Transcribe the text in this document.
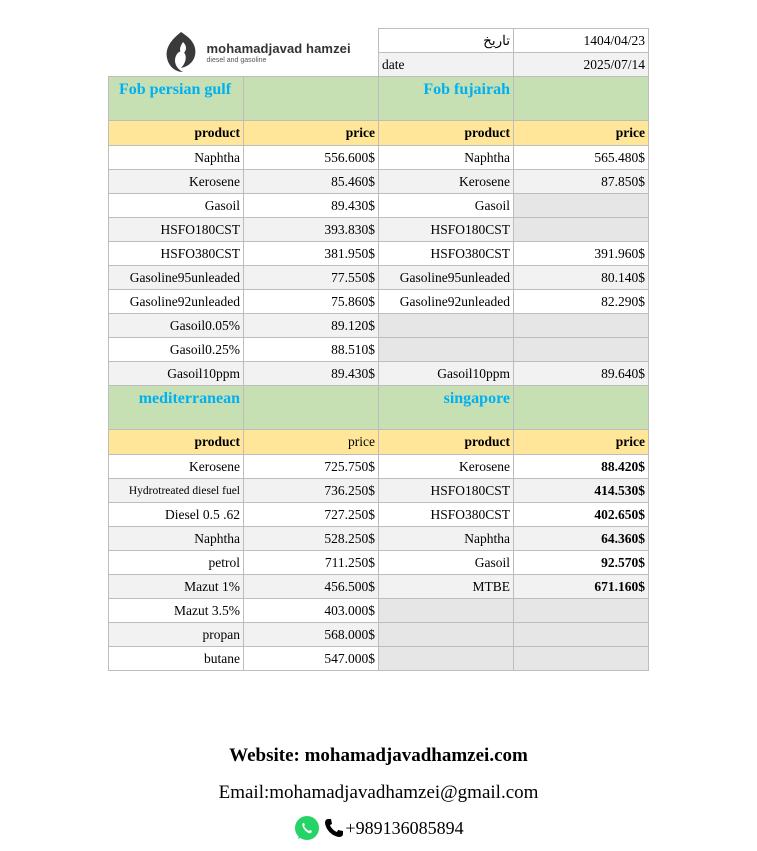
mohamadjavad hamzei
diesel and gasoline		تاریخ	1404/04/23
		date	2025/07/14
Fob persian gulf		Fob fujairah	
product	price	product	price
Naphtha	556.600$	Naphtha	565.480$
Kerosene	85.460$	Kerosene	87.850$
Gasoil	89.430$	Gasoil	
HSFO180CST	393.830$	HSFO180CST	
HSFO380CST	381.950$	HSFO380CST	391.960$
Gasoline95unleaded	77.550$	Gasoline95unleaded	80.140$
Gasoline92unleaded	75.860$	Gasoline92unleaded	82.290$
Gasoil0.05%	89.120$		
Gasoil0.25%	88.510$		
Gasoil10ppm	89.430$	Gasoil10ppm	89.640$
mediterranean		singapore	
product	price	product	price
Kerosene	725.750$	Kerosene	88.420$
Hydrotreated diesel fuel	736.250$	HSFO180CST	414.530$
Diesel 0.5 .62	727.250$	HSFO380CST	402.650$
Naphtha	528.250$	Naphtha	64.360$
petrol	711.250$	Gasoil	92.570$
Mazut 1%	456.500$	MTBE	671.160$
Mazut 3.5%	403.000$		
propan	568.000$		
butane	547.000$		
Website: mohamadjavadhamzei.com
Email:mohamadjavadhamzei@gmail.com
+989136085894
